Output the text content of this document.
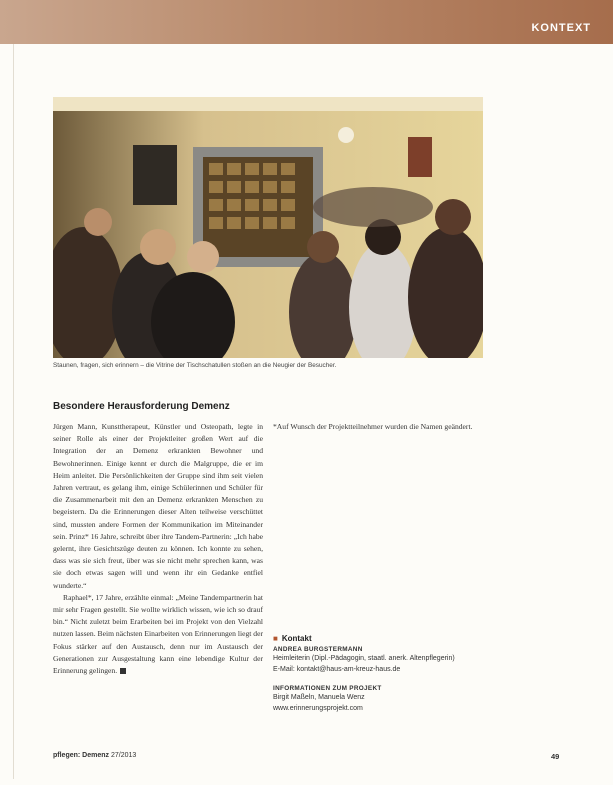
KONTEXT
Staunen, fragen, sich erinnern – die Vitrine der Tischschatullen stoßen an die Neugier der Besucher.
Besondere Herausforderung Demenz

Jürgen Mann, Kunsttherapeut, Künstler und Osteopath, legte in seiner Rolle als einer der Projektleiter großen Wert auf die Integration der an Demenz erkrankten Bewohner und Bewohnerinnen. Einige kennt er durch die Malgruppe, die er im Heim anleitet. Die Persönlichkeiten der Gruppe sind ihm seit vielen Jahren vertraut, es gelang ihm, einige Schülerinnen und Schüler für die Zusammenarbeit mit den an Demenz erkrankten Menschen zu begeistern. Da die Erinnerungen dieser Alten teilweise verschüttet sind, mussten andere Formen der Kommunikation im Miteinander sein. Prinz* 16 Jahre, schreibt über ihre Tandem-Partnerin: „Ich habe gelernt, ihre Gesichtszüge deuten zu können. Ich konnte zu sehen, dass was sie sich freut, über was sie nicht mehr sprechen kann, was sie doch etwas sagen will und wenn ihr ein Gedanke entfiel wunderte.“

Raphael*, 17 Jahre, erzählte einmal: „Meine Tandempartnerin hat mir sehr Fragen gestellt. Sie wollte wirklich wissen, wie ich so drauf bin.“ Nicht zuletzt beim Erarbeiten bei im Projekt von den Vielzahl nutzen lassen. Beim nächsten Einarbeiten von Erinnerungen liegt der Fokus stärker auf den Austausch, denn nur im Austausch der Generationen zur Ausgestaltung kann eine lebendige Kultur der Erinnerung gelingen.

*Auf Wunsch der Projektteilnehmer wurden die Namen geändert.
■ Kontakt
ANDREA BURGSTERMANN
Heimleiterin (Dipl.-Pädagogin, staatl. anerk. Altenpflegerin)
E-Mail: kontakt@haus-am-kreuz-haus.de
INFORMATIONEN ZUM PROJEKT
Birgit Maßeln, Manuela Wenz
www.erinnerungsprojekt.com
pflegen: Demenz 27/2013	49
